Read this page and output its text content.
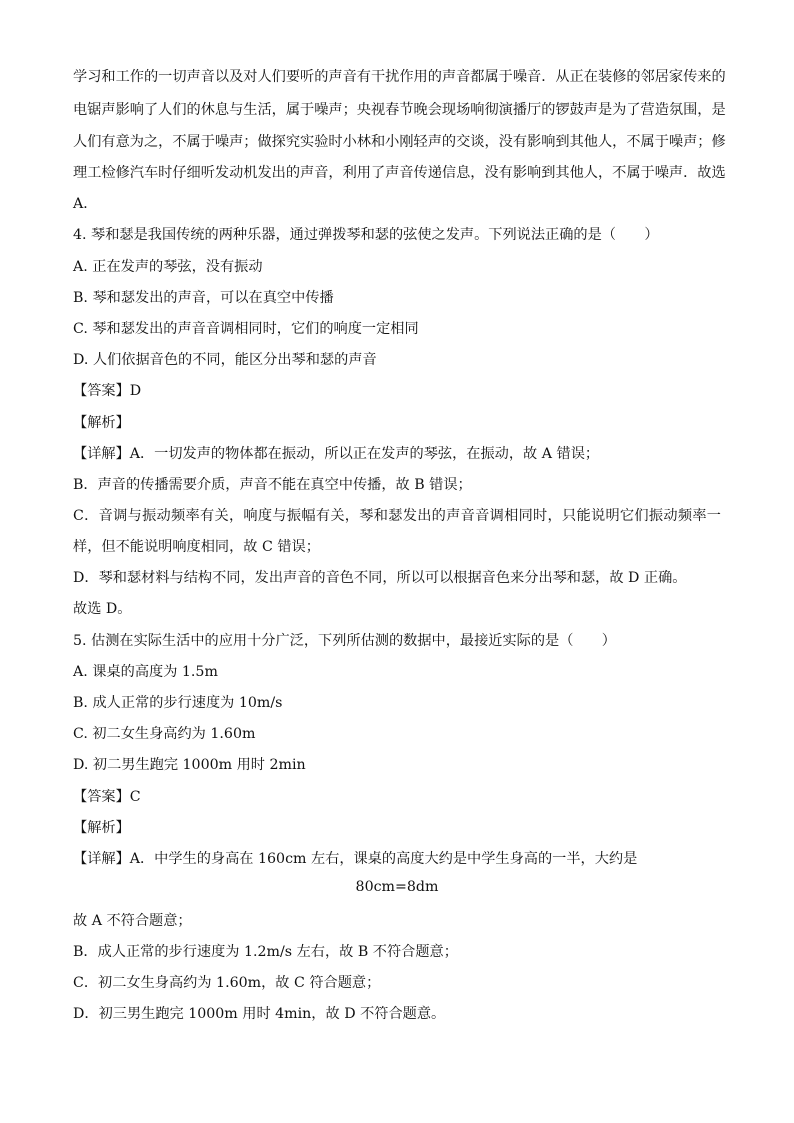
学习和工作的一切声音以及对人们要听的声音有干扰作用的声音都属于噪音．从正在装修的邻居家传来的
电锯声影响了人们的休息与生活，属于噪声；央视春节晚会现场响彻演播厅的锣鼓声是为了营造氛围，是
人们有意为之，不属于噪声；做探究实验时小林和小刚轻声的交谈，没有影响到其他人，不属于噪声；修
理工检修汽车时仔细听发动机发出的声音，利用了声音传递信息，没有影响到其他人，不属于噪声．故选
A．
4. 琴和瑟是我国传统的两种乐器，通过弹拨琴和瑟的弦使之发声。下列说法正确的是（　　）
A. 正在发声的琴弦，没有振动
B. 琴和瑟发出的声音，可以在真空中传播
C. 琴和瑟发出的声音音调相同时，它们的响度一定相同
D. 人们依据音色的不同，能区分出琴和瑟的声音
【答案】D
【解析】
【详解】A．一切发声的物体都在振动，所以正在发声的琴弦，在振动，故 A 错误；
B．声音的传播需要介质，声音不能在真空中传播，故 B 错误；
C．音调与振动频率有关，响度与振幅有关，琴和瑟发出的声音音调相同时，只能说明它们振动频率一
样，但不能说明响度相同，故 C 错误；
D．琴和瑟材料与结构不同，发出声音的音色不同，所以可以根据音色来分出琴和瑟，故 D 正确。
故选 D。
5. 估测在实际生活中的应用十分广泛，下列所估测的数据中，最接近实际的是（　　）
A. 课桌的高度为 1.5m
B. 成人正常的步行速度为 10m/s
C. 初二女生身高约为 1.60m
D. 初二男生跑完 1000m 用时 2min
【答案】C
【解析】
【详解】A．中学生的身高在 160cm 左右，课桌的高度大约是中学生身高的一半，大约是
80cm=8dm
故 A 不符合题意；
B．成人正常的步行速度为 1.2m/s 左右，故 B 不符合题意；
C．初二女生身高约为 1.60m，故 C 符合题意；
D．初三男生跑完 1000m 用时 4min，故 D 不符合题意。
